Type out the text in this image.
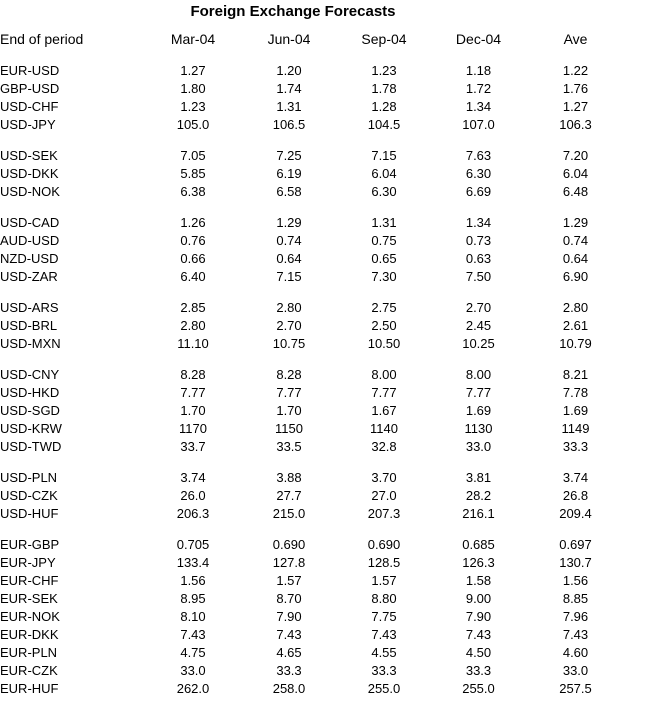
Foreign Exchange Forecasts
End of period	Mar-04	Jun-04	Sep-04	Dec-04	Ave

EUR-USD	1.27	1.20	1.23	1.18	1.22
GBP-USD	1.80	1.74	1.78	1.72	1.76
USD-CHF	1.23	1.31	1.28	1.34	1.27
USD-JPY	105.0	106.5	104.5	107.0	106.3

USD-SEK	7.05	7.25	7.15	7.63	7.20
USD-DKK	5.85	6.19	6.04	6.30	6.04
USD-NOK	6.38	6.58	6.30	6.69	6.48

USD-CAD	1.26	1.29	1.31	1.34	1.29
AUD-USD	0.76	0.74	0.75	0.73	0.74
NZD-USD	0.66	0.64	0.65	0.63	0.64
USD-ZAR	6.40	7.15	7.30	7.50	6.90

USD-ARS	2.85	2.80	2.75	2.70	2.80
USD-BRL	2.80	2.70	2.50	2.45	2.61
USD-MXN	11.10	10.75	10.50	10.25	10.79

USD-CNY	8.28	8.28	8.00	8.00	8.21
USD-HKD	7.77	7.77	7.77	7.77	7.78
USD-SGD	1.70	1.70	1.67	1.69	1.69
USD-KRW	1170	1150	1140	1130	1149
USD-TWD	33.7	33.5	32.8	33.0	33.3

USD-PLN	3.74	3.88	3.70	3.81	3.74
USD-CZK	26.0	27.7	27.0	28.2	26.8
USD-HUF	206.3	215.0	207.3	216.1	209.4

EUR-GBP	0.705	0.690	0.690	0.685	0.697
EUR-JPY	133.4	127.8	128.5	126.3	130.7
EUR-CHF	1.56	1.57	1.57	1.58	1.56
EUR-SEK	8.95	8.70	8.80	9.00	8.85
EUR-NOK	8.10	7.90	7.75	7.90	7.96
EUR-DKK	7.43	7.43	7.43	7.43	7.43
EUR-PLN	4.75	4.65	4.55	4.50	4.60
EUR-CZK	33.0	33.3	33.3	33.3	33.0
EUR-HUF	262.0	258.0	255.0	255.0	257.5
